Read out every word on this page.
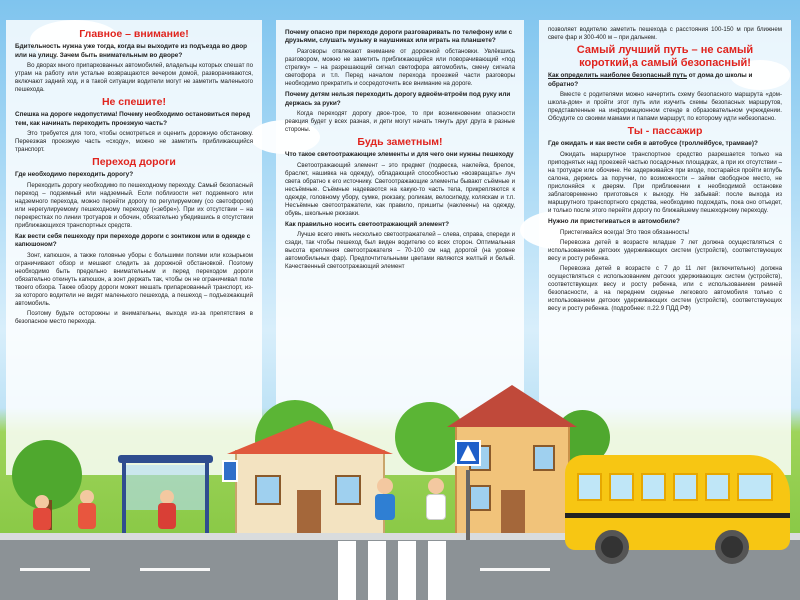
Главное – внимание!
Бдительность нужна уже тогда, когда вы выходите из подъезда во двор или на улицу. Зачем быть внимательным во дворе?
Во дворах много припаркованных автомобилей, владельцы которых спешат по утрам на работу или усталые возвращаются вечером домой, разворачиваются, включают задний ход, и в такой ситуации водители могут не заметить маленького пешехода.
Не спешите!
Спешка на дороге недопустима! Почему необходимо остановиться перед тем, как начинать переходить проезжую часть?
Это требуется для того, чтобы осмотреться и оценить дорожную обстановку. Переезжая проезжую часть «сходу», можно не заметить приближающийся транспорт.
Переход дороги
Где необходимо переходить дорогу?
Переходить дорогу необходимо по пешеходному переходу. Самый безопасный переход – подземный или надземный. Если поблизости нет подземного или надземного перехода, можно перейти дорогу по регулируемому (со светофором) или нерегулируемому пешеходному переходу («зебре»). При их отсутствии – на перекрестках по линии тротуаров и обочин, обязательно убедившись в отсутствии приближающихся транспортных средств.
Как вести себя пешеходу при переходе дороги с зонтиком или в одежде с капюшоном?
Зонт, капюшон, а также головные уборы с большими полями или козырьком ограничивают обзор и мешают следить за дорожной обстановкой. Поэтому необходимо быть предельно внимательным и перед переходом дороги обязательно откинуть капюшон, а зонт держать так, чтобы он не ограничивал поле твоего обзора. Также обзору дороги может мешать припаркованный транспорт, из-за которого водители не видят маленького пешехода, а пешеход – подъезжающий автомобиль.
Поэтому будьте осторожны и внимательны, выходя из-за препятствия в безопасное место перехода.
Почему опасно при переходе дороги разговаривать по телефону или с друзьями, слушать музыку в наушниках или играть на планшете?
Разговоры отвлекают внимание от дорожной обстановки. Увлёкшись разговором, можно не заметить приближающийся или поворачивающий «под стрелку» – на разрешающий сигнал светофора автомобиль, смену сигнала светофора и т.п. Перед началом перехода проезжей части разговоры необходимо прекратить и сосредоточить все внимание на дороге.
Почему детям нельзя переходить дорогу вдвоём-втроём под руку или держась за руки?
Когда переходят дорогу двое-трое, то при возникновении опасности реакция будет у всех разная, и дети могут начать тянуть друг друга в разные стороны.
Будь заметным!
Что такое светоотражающие элементы и для чего они нужны пешеходу
Светоотражающий элемент – это предмет (подвеска, наклейка, брелок, браслет, нашивка на одежду), обладающий способностью «возвращать» луч света обратно к его источнику. Светоотражающие элементы бывают съёмные и несъёмные. Съёмные надеваются на какую-то часть тела, прикрепляются к одежде, головному убору, сумке, рюкзаку, роликам, велосипеду, коляскам и т.п. Несъёмные светоотражатели, как правило, пришиты (наклеены) на одежду, обувь, школьные рюкзаки.
Как правильно носить светоотражающий элемент?
Лучше всего иметь несколько светоотражателей – слева, справа, спереди и сзади, так чтобы пешеход был виден водителю со всех сторон. Оптимальная высота крепления светоотражателя – 70-100 см над дорогой (на уровне автомобильных фар). Предпочтительными цветами являются желтый и белый. Качественный светоотражающий элемент
позволяет водителю заметить пешехода с расстояния 100-150 м при ближнем свете фар и 300-400 м – при дальнем.
Самый лучший путь – не самый короткий,а самый безопасный!
Как определить наиболее безопасный путь от дома до школы и обратно?
Вместе с родителями можно начертить схему безопасного маршрута «дом-школа-дом» и пройти этот путь или изучить схемы безопасных маршрутов, представленные на информационном стенде в образовательном учреждении. Обсудите со своими мамами и папами маршрут, по которому идти небезопасно.
Ты - пассажир
Где ожидать и как вести себя в автобусе (троллейбусе, трамвае)?
Ожидать маршрутное транспортное средство разрешается только на приподнятых над проезжей частью посадочных площадках, а при их отсутствии – на тротуаре или обочине. Не задерживайся при входе, постарайся пройти вглубь салона, держись за поручни, по возможности – займи свободное место, не прислоняйся к дверям. При приближении к необходимой остановке заблаговременно приготовься к выходу. Не забывай: после выхода из маршрутного транспортного средства, необходимо подождать, пока оно отъедет, и только после этого перейти дорогу по ближайшему пешеходному переходу.
Нужно ли пристегиваться в автомобиле?
Пристегивайся всегда! Это твоя обязанность!
Перевозка детей в возрасте младше 7 лет должна осуществляться с использованием детских удерживающих систем (устройств), соответствующих весу и росту ребенка.
Перевозка детей в возрасте с 7 до 11 лет (включительно) должна осуществляться с использованием детских удерживающих систем (устройств), соответствующих весу и росту ребенка, или с использованием ремней безопасности, а на переднем сиденье легкового автомобиля только с использованием детских удерживающих систем (устройств), соответствующих весу и росту ребенка. (подробнее: п.22.9 ПДД РФ)
